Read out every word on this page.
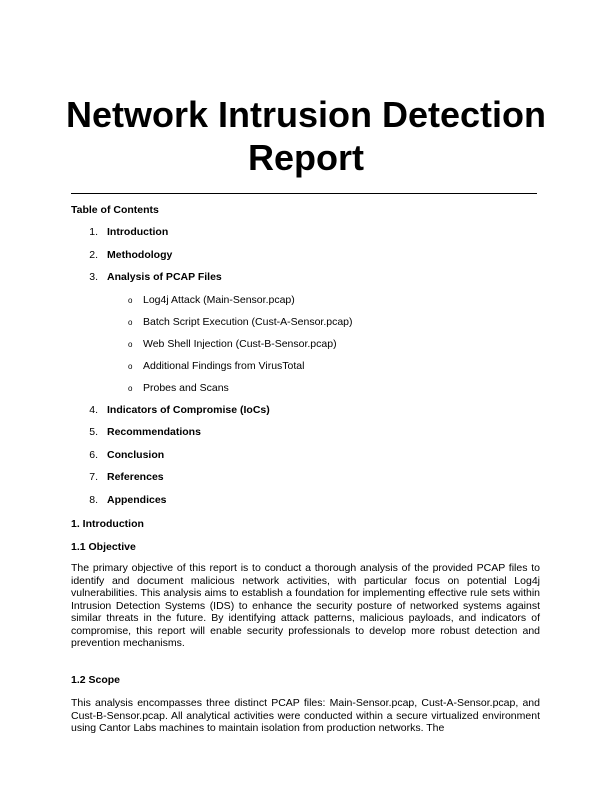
Network Intrusion Detection Report
Table of Contents
1. Introduction
2. Methodology
3. Analysis of PCAP Files
o Log4j Attack (Main-Sensor.pcap)
o Batch Script Execution (Cust-A-Sensor.pcap)
o Web Shell Injection (Cust-B-Sensor.pcap)
o Additional Findings from VirusTotal
o Probes and Scans
4. Indicators of Compromise (IoCs)
5. Recommendations
6. Conclusion
7. References
8. Appendices
1. Introduction
1.1 Objective

The primary objective of this report is to conduct a thorough analysis of the provided PCAP files to identify and document malicious network activities, with particular focus on potential Log4j vulnerabilities. This analysis aims to establish a foundation for implementing effective rule sets within Intrusion Detection Systems (IDS) to enhance the security posture of networked systems against similar threats in the future. By identifying attack patterns, malicious payloads, and indicators of compromise, this report will enable security professionals to develop more robust detection and prevention mechanisms.

1.2 Scope

This analysis encompasses three distinct PCAP files: Main-Sensor.pcap, Cust-A-Sensor.pcap, and Cust-B-Sensor.pcap. All analytical activities were conducted within a secure virtualized environment using Cantor Labs machines to maintain isolation from production networks. The
